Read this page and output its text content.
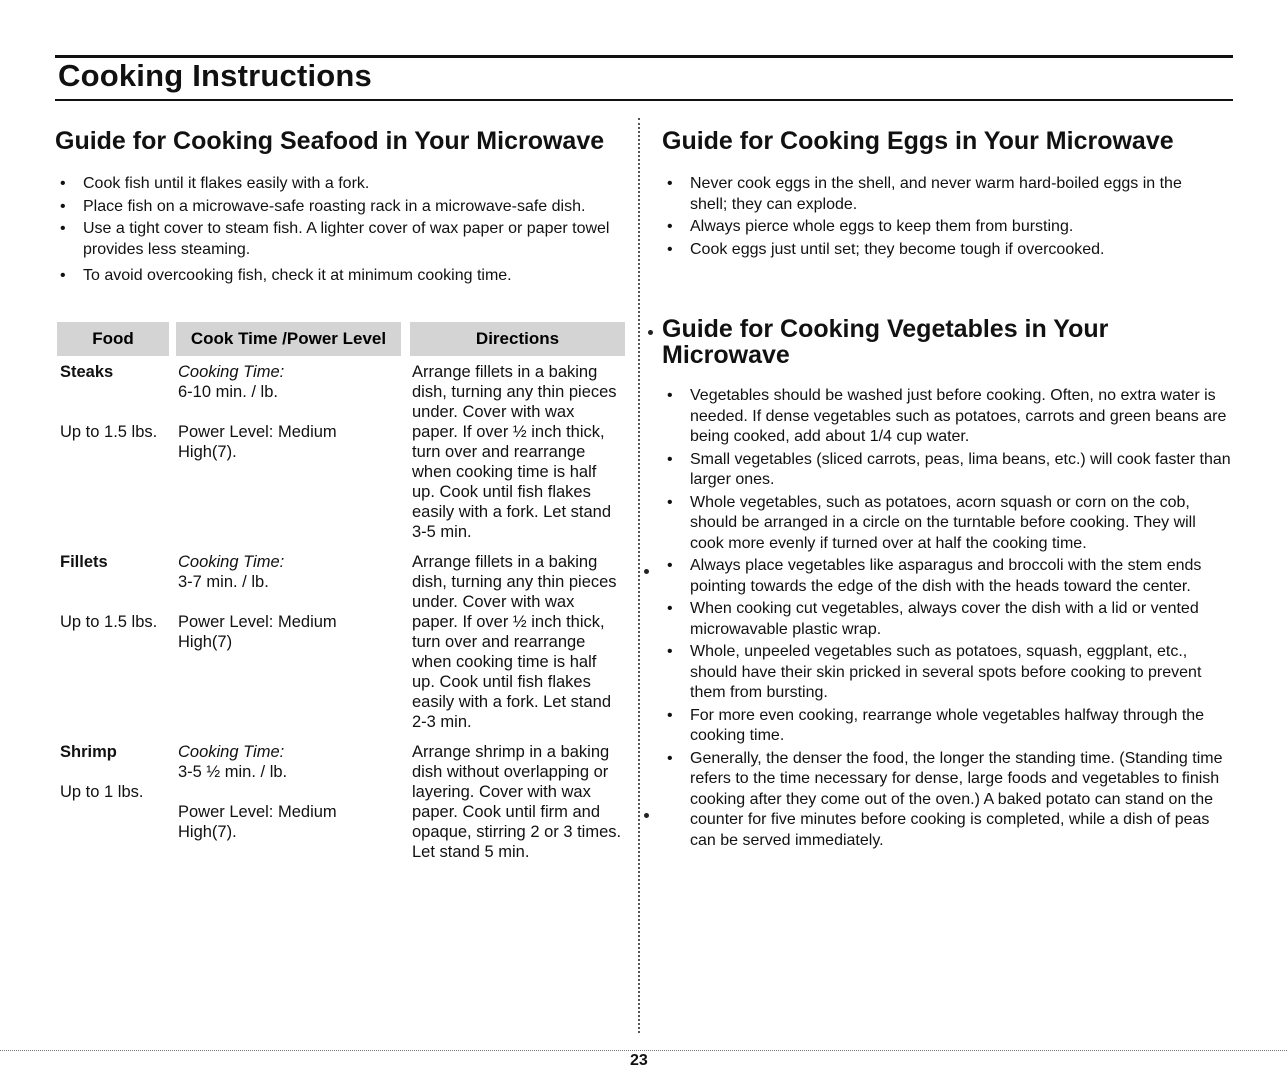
Cooking Instructions
Guide for Cooking Seafood in Your Microwave
• Cook fish until it flakes easily with a fork.
• Place fish on a microwave-safe roasting rack in a microwave-safe dish.
• Use a tight cover to steam fish. A lighter cover of wax paper or paper towel provides less steaming.
• To avoid overcooking fish, check it at minimum cooking time.
Food	Cook Time /Power Level	Directions
Steaks
Up to 1.5 lbs.
Cooking Time:
6-10 min. / lb.
Power Level: Medium High(7).
Arrange fillets in a baking dish, turning any thin pieces under. Cover with wax paper. If over ½ inch thick, turn over and rearrange when cooking time is half up. Cook until fish flakes easily with a fork. Let stand 3-5 min.
Fillets
Up to 1.5 lbs.
Cooking Time:
3-7 min. / lb.
Power Level: Medium High(7)
Arrange fillets in a baking dish, turning any thin pieces under. Cover with wax paper. If over ½ inch thick, turn over and rearrange when cooking time is half up. Cook until fish flakes easily with a fork. Let stand 2-3 min.
Shrimp
Up to 1 lbs.
Cooking Time:
3-5 ½ min. / lb.
Power Level: Medium High(7).
Arrange shrimp in a baking dish without overlapping or layering. Cover with wax paper. Cook until firm and opaque, stirring 2 or 3 times. Let stand 5 min.
Guide for Cooking Eggs in Your Microwave
• Never cook eggs in the shell, and never warm hard-boiled eggs in the shell; they can explode.
• Always pierce whole eggs to keep them from bursting.
• Cook eggs just until set; they become tough if overcooked.
Guide for Cooking Vegetables in Your Microwave
• Vegetables should be washed just before cooking. Often, no extra water is needed. If dense vegetables such as potatoes, carrots and green beans are being cooked, add about 1/4 cup water.
• Small vegetables (sliced carrots, peas, lima beans, etc.) will cook faster than larger ones.
• Whole vegetables, such as potatoes, acorn squash or corn on the cob, should be arranged in a circle on the turntable before cooking. They will cook more evenly if turned over at half the cooking time.
• Always place vegetables like asparagus and broccoli with the stem ends pointing towards the edge of the dish with the heads toward the center.
• When cooking cut vegetables, always cover the dish with a lid or vented microwavable plastic wrap.
• Whole, unpeeled vegetables such as potatoes, squash, eggplant, etc., should have their skin pricked in several spots before cooking to prevent them from bursting.
• For more even cooking, rearrange whole vegetables halfway through the cooking time.
• Generally, the denser the food, the longer the standing time. (Standing time refers to the time necessary for dense, large foods and vegetables to finish cooking after they come out of the oven.) A baked potato can stand on the counter for five minutes before cooking is completed, while a dish of peas can be served immediately.
23
